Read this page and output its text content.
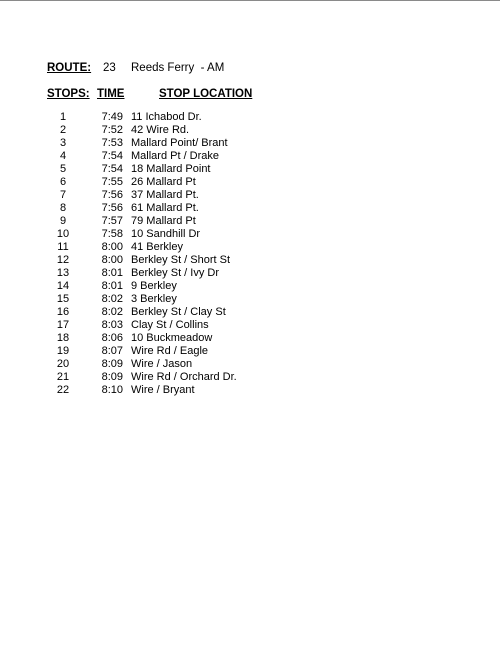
ROUTE: 23 Reeds Ferry  - AM
STOPS: TIME	STOP LOCATION
1	7:49 11 Ichabod Dr.
2	7:52 42 Wire Rd.
3	7:53 Mallard Point/ Brant
4	7:54 Mallard Pt / Drake
5	7:54 18 Mallard Point
6	7:55 26 Mallard Pt
7	7:56 37 Mallard Pt.
8	7:56 61 Mallard Pt.
9	7:57 79 Mallard Pt
10	7:58 10 Sandhill Dr
11	8:00 41 Berkley
12	8:00 Berkley St / Short St
13	8:01 Berkley St / Ivy Dr
14	8:01 9 Berkley
15	8:02 3 Berkley
16	8:02 Berkley St / Clay St
17	8:03 Clay St / Collins
18	8:06 10 Buckmeadow
19	8:07 Wire Rd / Eagle
20	8:09 Wire / Jason
21	8:09 Wire Rd / Orchard Dr.
22	8:10 Wire / Bryant
